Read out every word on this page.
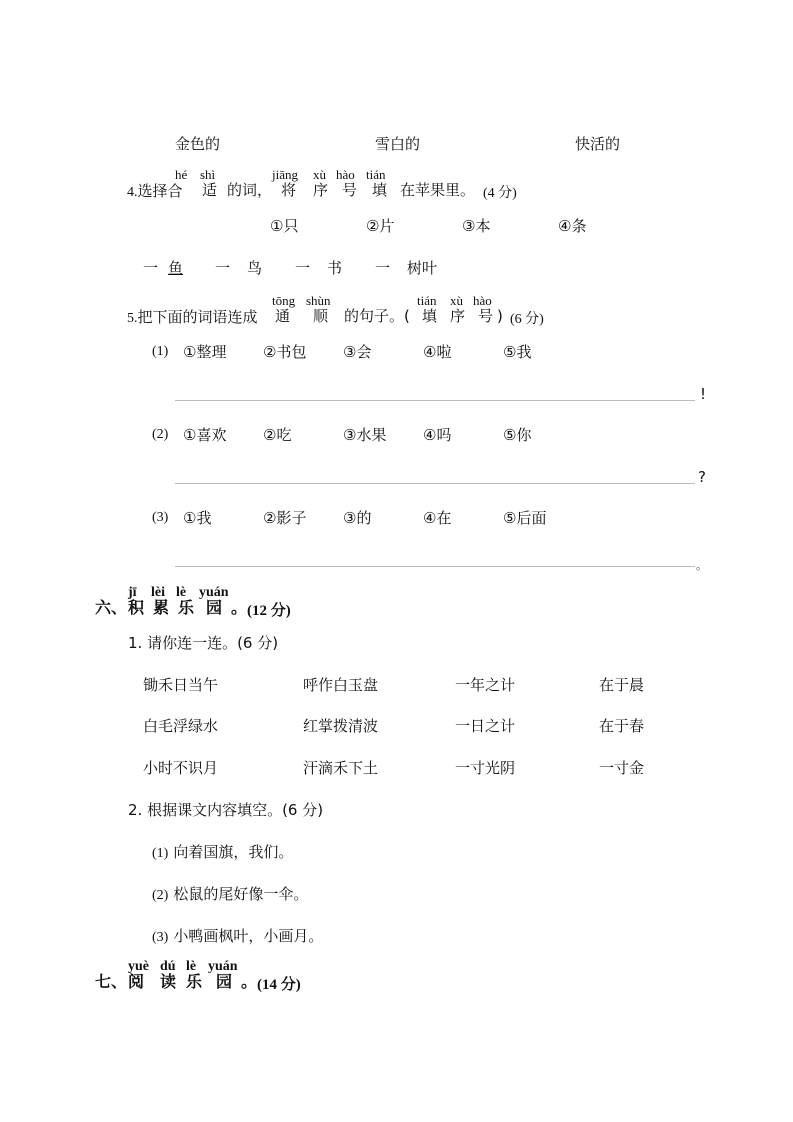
金色的	雪白的	快活的
hé shì	jiāng xù hào tián
4.选择合 适 的词， 将 序 号 填 在苹果里。 (4 分)
①只	②片	③本	④条
一 鱼 一 鸟 一 书 一 树叶
tōng shùn	tián xù hào
5.把下面的词语连成 通 顺 的句子。( 填 序 号 ) (6 分)
(1) ①整理 ②书包 ③会	④啦	⑤我
!
(2) ①喜欢 ②吃	③水果 ④吗	⑤你
?
(3) ①我	②影子 ③的	④在	⑤后面
。
jī lèi lè yuán
六、 积 累 乐 园 。 (12 分)
1. 请你连一连。(6 分)
锄禾日当午	呼作白玉盘	一年之计	在于晨
白毛浮绿水	红掌拨清波	一日之计	在于春
小时不识月	汗滴禾下土	一寸光阴	一寸金
2. 根据课文内容填空。(6 分)
(1) 向着国旗，我们。
(2) 松鼠的尾好像一伞。
(3) 小鸭画枫叶，小画月。
yuè dú lè yuán
七、 阅 读 乐 园 。 (14 分)
